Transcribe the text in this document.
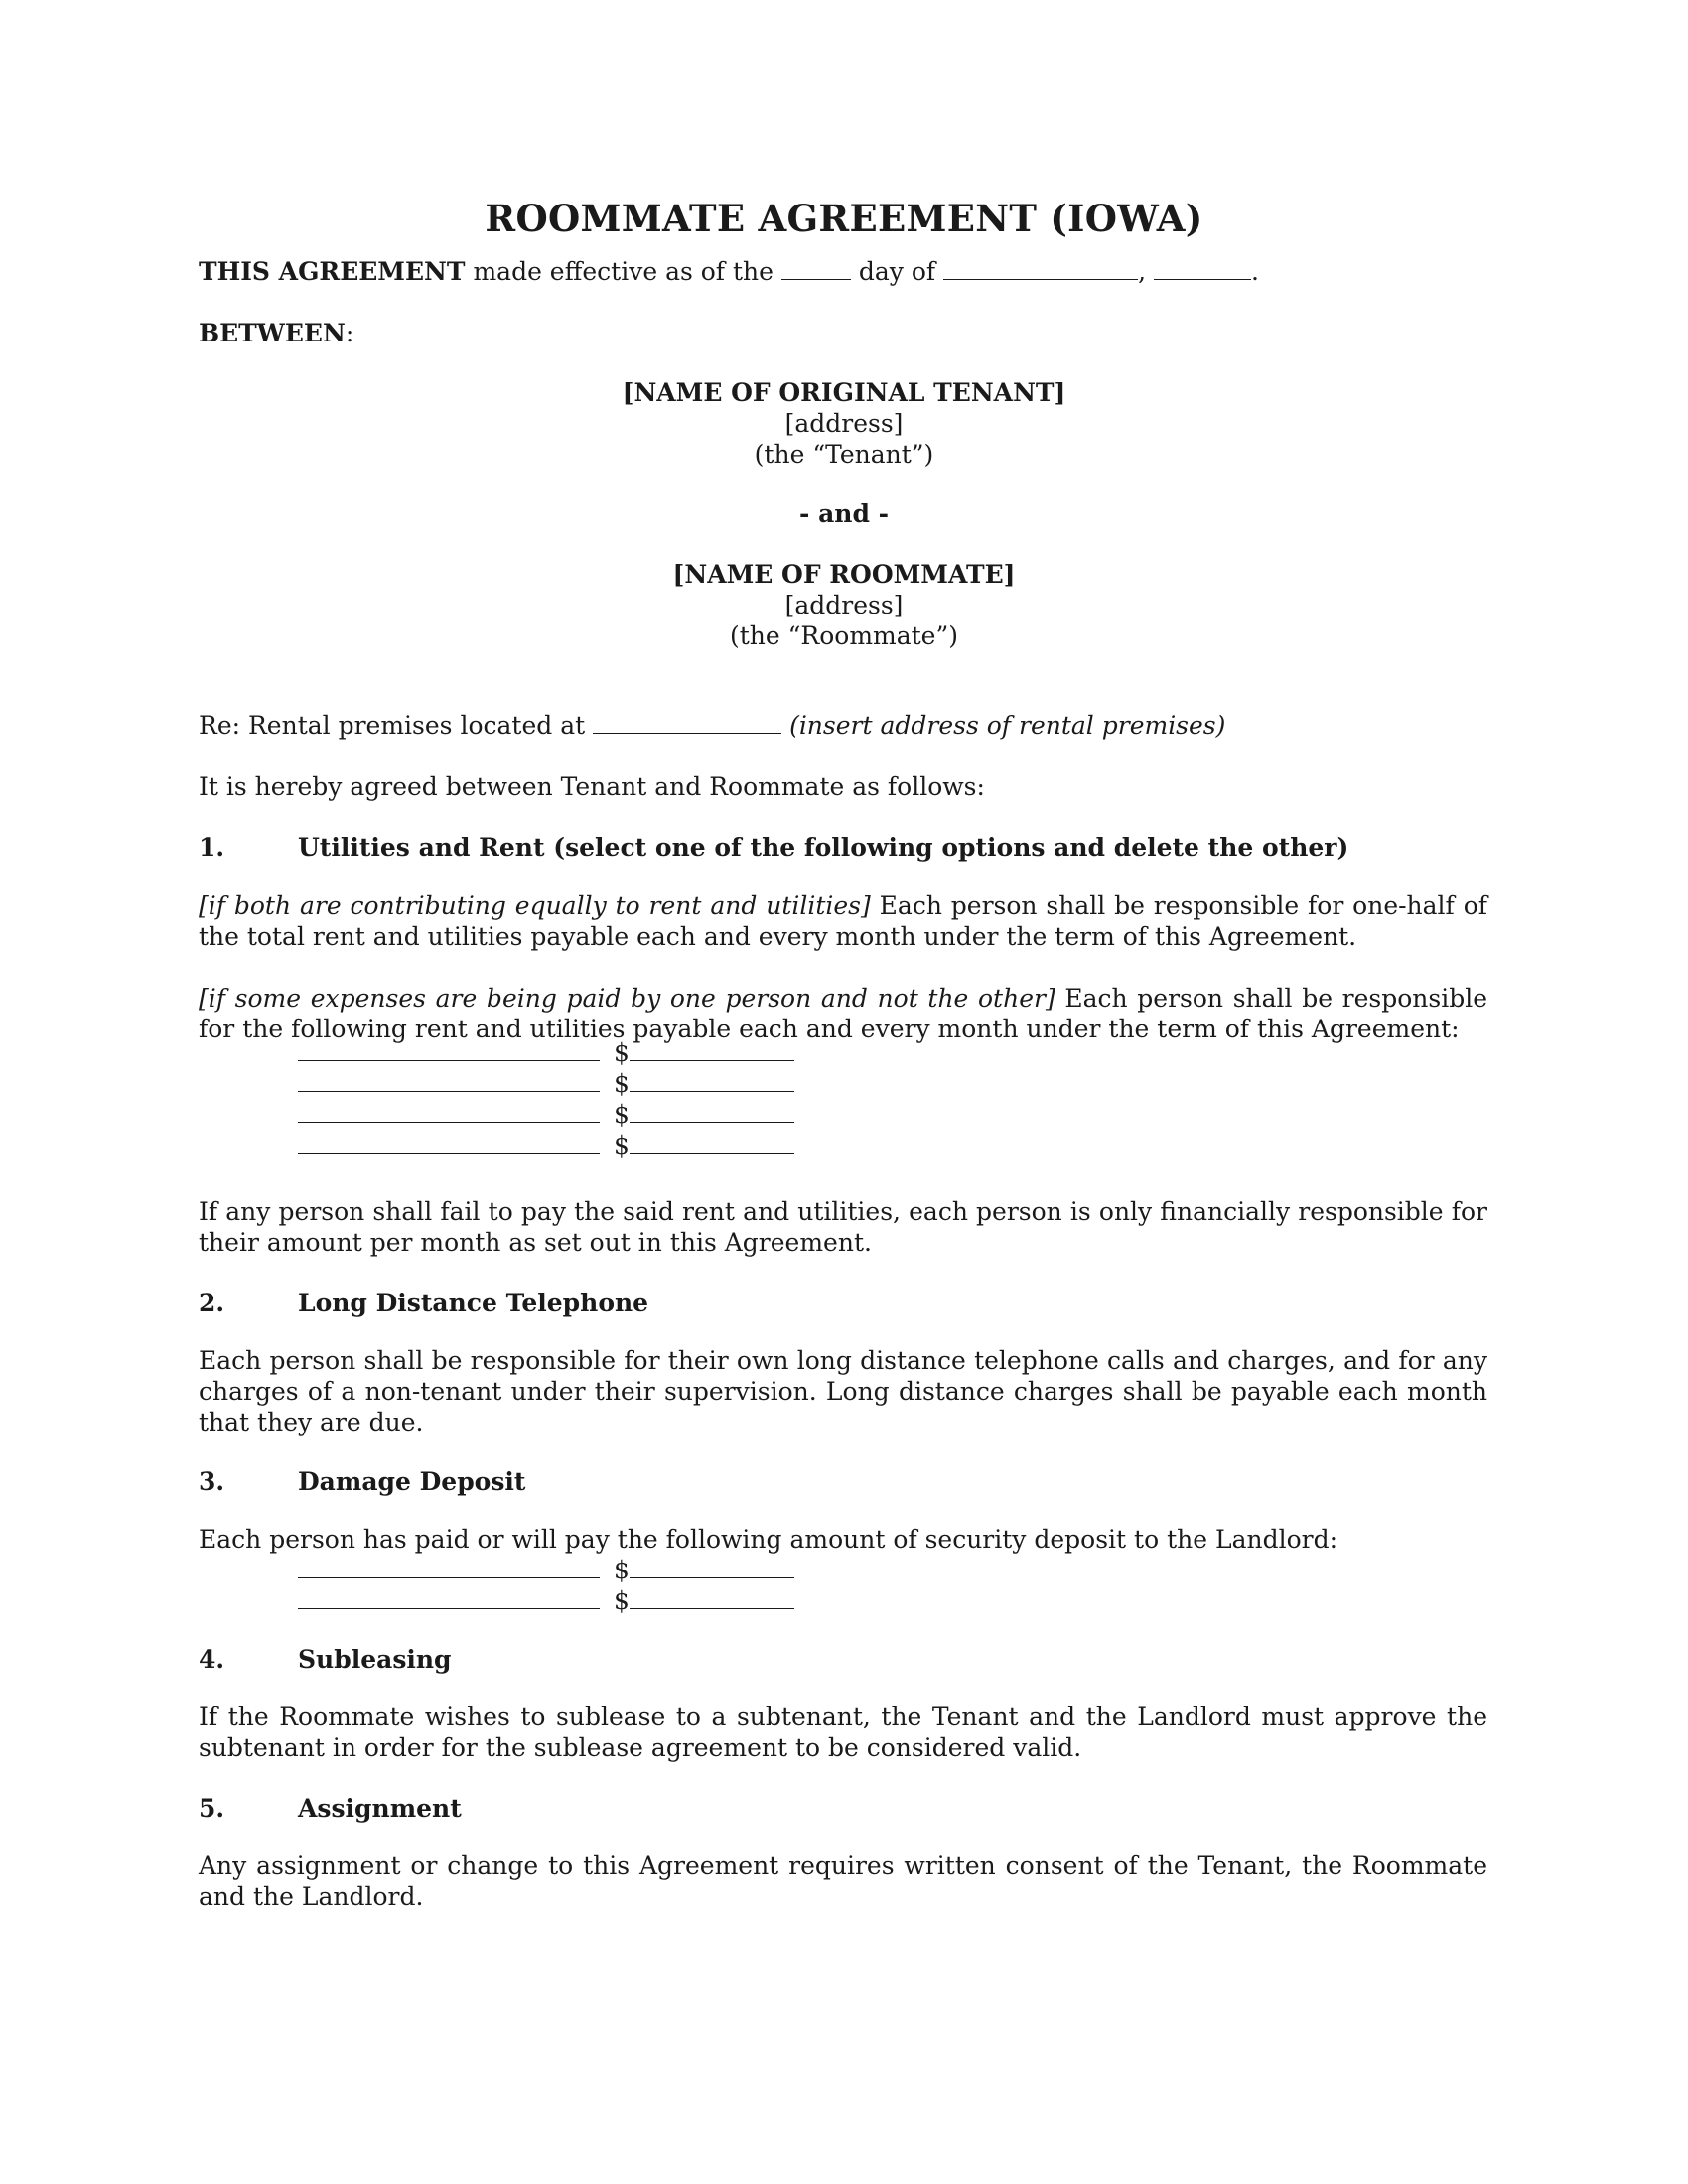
ROOMMATE AGREEMENT (IOWA)
THIS AGREEMENT made effective as of the	day of	,	.
BETWEEN:
[NAME OF ORIGINAL TENANT]
[address]
(the “Tenant”)
- and -
[NAME OF ROOMMATE]
[address]
(the “Roommate”)
Re: Rental premises located at	(insert address of rental premises)
It is hereby agreed between Tenant and Roommate as follows:
1.	Utilities and Rent (select one of the following options and delete the other)
[if both are contributing equally to rent and utilities] Each person shall be responsible for one-half of the total rent and utilities payable each and every month under the term of this Agreement.
[if some expenses are being paid by one person and not the other] Each person shall be responsible for the following rent and utilities payable each and every month under the term of this Agreement:
$
$
$
$
If any person shall fail to pay the said rent and utilities, each person is only financially responsible for their amount per month as set out in this Agreement.
2.	Long Distance Telephone
Each person shall be responsible for their own long distance telephone calls and charges, and for any charges of a non-tenant under their supervision. Long distance charges shall be payable each month that they are due.
3.	Damage Deposit
Each person has paid or will pay the following amount of security deposit to the Landlord:
$
$
4.	Subleasing
If the Roommate wishes to sublease to a subtenant, the Tenant and the Landlord must approve the subtenant in order for the sublease agreement to be considered valid.
5.	Assignment
Any assignment or change to this Agreement requires written consent of the Tenant, the Roommate and the Landlord.
